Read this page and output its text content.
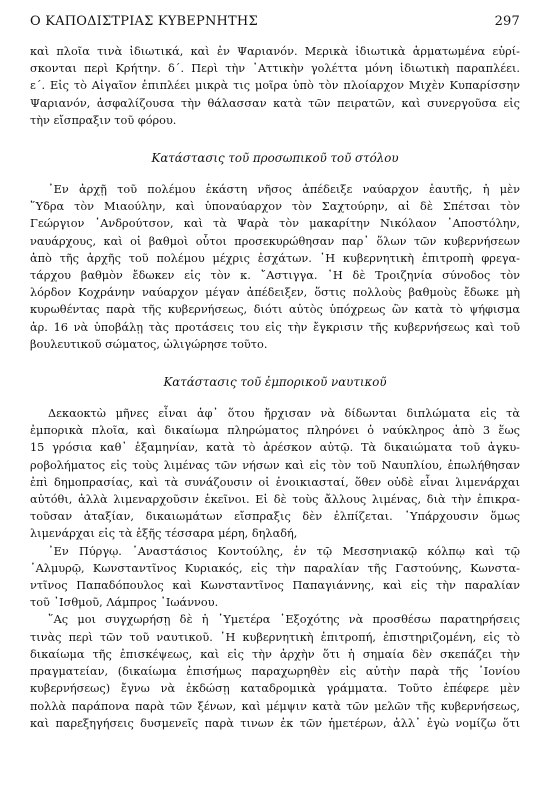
Ο ΚΑΠΟΔΙΣΤΡΙΑΣ ΚΥΒΕΡΝΗΤΗΣ	297
καὶ πλοῖα τινὰ ἰδιωτικά, καὶ ἐν Ψαριανόν. Μερικὰ ἰδιωτικὰ ἁρματωμένα εὑρί-
σκονται περὶ Κρήτην. δ΄. Περὶ τὴν ᾿Αττικὴν γολέττα μόνη ἰδιωτικὴ παραπλέει.
ε΄. Εἰς τὸ Αἰγαῖον ἐπιπλέει μικρὰ τις μοῖρα ὑπὸ τὸν πλοίαρχον Μιχὲν Κυπαρίσσην
Ψαριανόν, ἀσφαλίζουσα τὴν θάλασσαν κατὰ τῶν πειρατῶν, καὶ συνεργοῦσα εἰς
τὴν εἴσπραξιν τοῦ φόρου.

Κατάστασις τοῦ προσωπικοῦ τοῦ στόλου

᾿Εν ἀρχῇ τοῦ πολέμου ἑκάστη νῆσος ἀπέδειξε ναύαρχον ἑαυτῆς, ἡ μὲν
῞Υδρα τὸν Μιαούλην, καὶ ὑποναύαρχον τὸν Σαχτούρην, αἱ δὲ Σπέτσαι τὸν
Γεώργιον ᾿Ανδρούτσον, καὶ τὰ Ψαρὰ τὸν μακαρίτην Νικόλαον ᾿Αποστόλην,
ναυάρχους, καὶ οἱ βαθμοὶ οὗτοι προσεκυρώθησαν παρ᾿ ὅλων τῶν κυβερνήσεων
ἀπὸ τῆς ἀρχῆς τοῦ πολέμου μέχρις ἐσχάτων. ῾Η κυβερνητικὴ ἐπιτροπὴ φρεγα-
τάρχου βαθμὸν ἔδωκεν εἰς τὸν κ. ῎Αστιγγα. ῾Η δὲ Τροιζηνία σύνοδος τὸν
λόρδον Κοχράνην ναύαρχον μέγαν ἀπέδειξεν, ὅστις πολλοὺς βαθμοὺς ἔδωκε μὴ
κυρωθέντας παρὰ τῆς κυβερνήσεως, διότι αὐτὸς ὑπόχρεως ὢν κατὰ τὸ ψήφισμα
ἀρ. 16 νὰ ὑποβάλῃ τὰς προτάσεις του εἰς τὴν ἔγκρισιν τῆς κυβερνήσεως καὶ τοῦ
βουλευτικοῦ σώματος, ὠλιγώρησε τοῦτο.

Κατάστασις τοῦ ἐμπορικοῦ ναυτικοῦ

Δεκαοκτὼ μῆνες εἶναι ἀφ᾿ ὅτου ἤρχισαν νὰ δίδωνται διπλώματα εἰς τὰ
ἐμπορικὰ πλοῖα, καὶ δικαίωμα πληρώματος πληρόνει ὁ ναύκληρος ἀπὸ 3 ἕως
15 γρόσια καθ᾿ ἑξαμηνίαν, κατὰ τὸ ἀρέσκον αὐτῷ. Τὰ δικαιώματα τοῦ ἀγκυ-
ροβολήματος εἰς τοὺς λιμένας τῶν νήσων καὶ εἰς τὸν τοῦ Ναυπλίου, ἐπωλήθησαν
ἐπὶ δημοπρασίας, καὶ τὰ συνάζουσιν οἱ ἐνοικιασταί, ὅθεν οὐδὲ εἶναι λιμενάρχαι
αὐτόθι, ἀλλὰ λιμεναρχοῦσιν ἐκεῖνοι. Εἰ δὲ τοὺς ἄλλους λιμένας, διὰ τὴν ἐπικρα-
τοῦσαν ἀταξίαν, δικαιωμάτων εἴσπραξις δὲν ἐλπίζεται. ῾Υπάρχουσιν ὅμως
λιμενάρχαι εἰς τὰ ἑξῆς τέσσαρα μέρη, δηλαδή,
᾿Εν Πύργῳ. ᾿Αναστάσιος Κοντούλης, ἐν τῷ Μεσσηνιακῷ κόλπῳ καὶ τῷ
᾿Αλμυρῷ, Κωνσταντῖνος Κυριακός, εἰς τὴν παραλίαν τῆς Γαστούνης, Κωνστα-
ντῖνος Παπαδόπουλος καὶ Κωνσταντῖνος Παπαγιάννης, καὶ εἰς τὴν παραλίαν
τοῦ ᾿Ισθμοῦ, Λάμπρος ᾿Ιωάννου.
῞Ας μοι συγχωρήσῃ δὲ ἡ ῾Υμετέρα ᾿Εξοχότης νὰ προσθέσω παρατηρήσεις
τινὰς περὶ τῶν τοῦ ναυτικοῦ. ῾Η κυβερνητικὴ ἐπιτροπή, ἐπιστηριζομένη, εἰς τὸ
δικαίωμα τῆς ἐπισκέψεως, καὶ εἰς τὴν ἀρχὴν ὅτι ἡ σημαία δὲν σκεπάζει τὴν
πραγματείαν, (δικαίωμα ἐπισήμως παραχωρηθὲν εἰς αὐτὴν παρὰ τῆς ᾿Ιονίου
κυβερνήσεως) ἔγνω νὰ ἐκδώσῃ καταδρομικὰ γράμματα. Τοῦτο ἐπέφερε μὲν
πολλὰ παράπονα παρὰ τῶν ξένων, καὶ μέμψιν κατὰ τῶν μελῶν τῆς κυβερνήσεως,
καὶ παρεξηγήσεις δυσμενεῖς παρὰ τινων ἐκ τῶν ἡμετέρων, ἀλλ᾿ ἐγὼ νομίζω ὅτι
